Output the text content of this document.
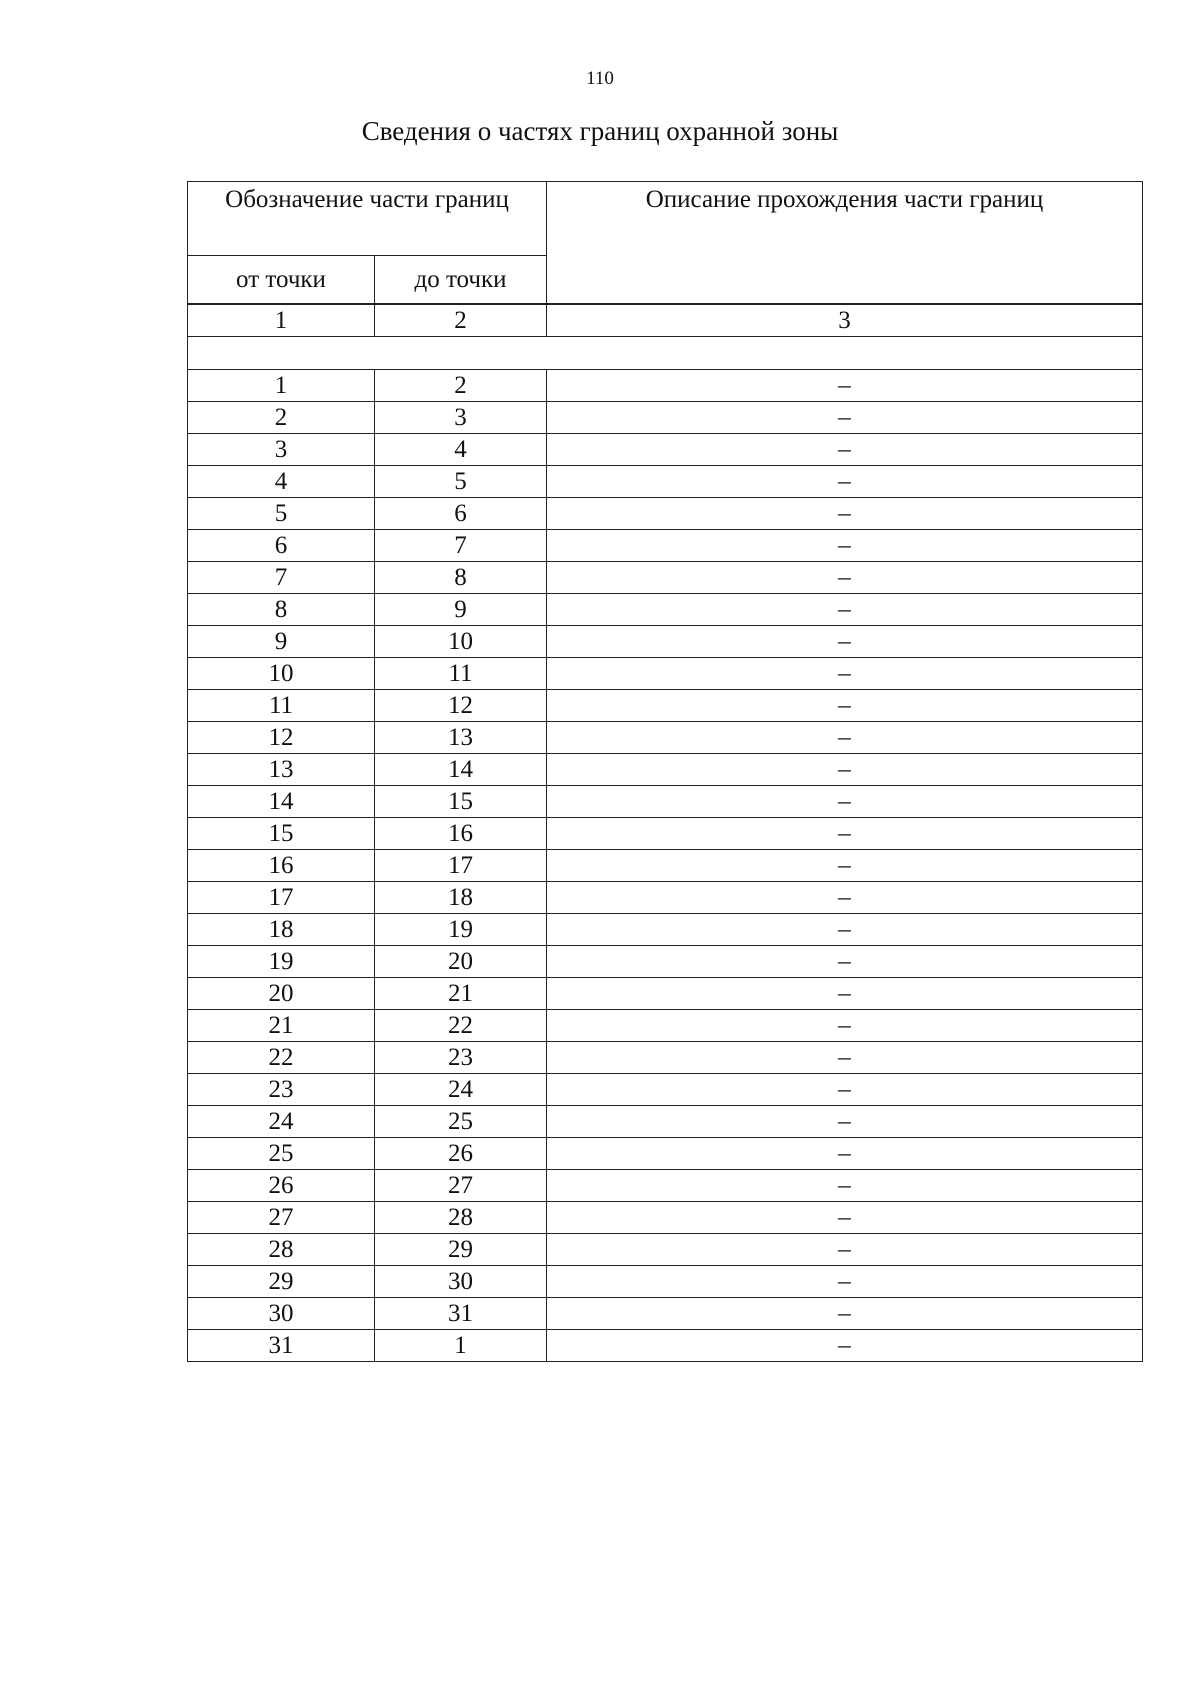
110
Сведения о частях границ охранной зоны
Обозначение части границ		Описание прохождения части границ
от точки	до точки	
1	2	3

1	2	–
2	3	–
3	4	–
4	5	–
5	6	–
6	7	–
7	8	–
8	9	–
9	10	–
10	11	–
11	12	–
12	13	–
13	14	–
14	15	–
15	16	–
16	17	–
17	18	–
18	19	–
19	20	–
20	21	–
21	22	–
22	23	–
23	24	–
24	25	–
25	26	–
26	27	–
27	28	–
28	29	–
29	30	–
30	31	–
31	1	–
